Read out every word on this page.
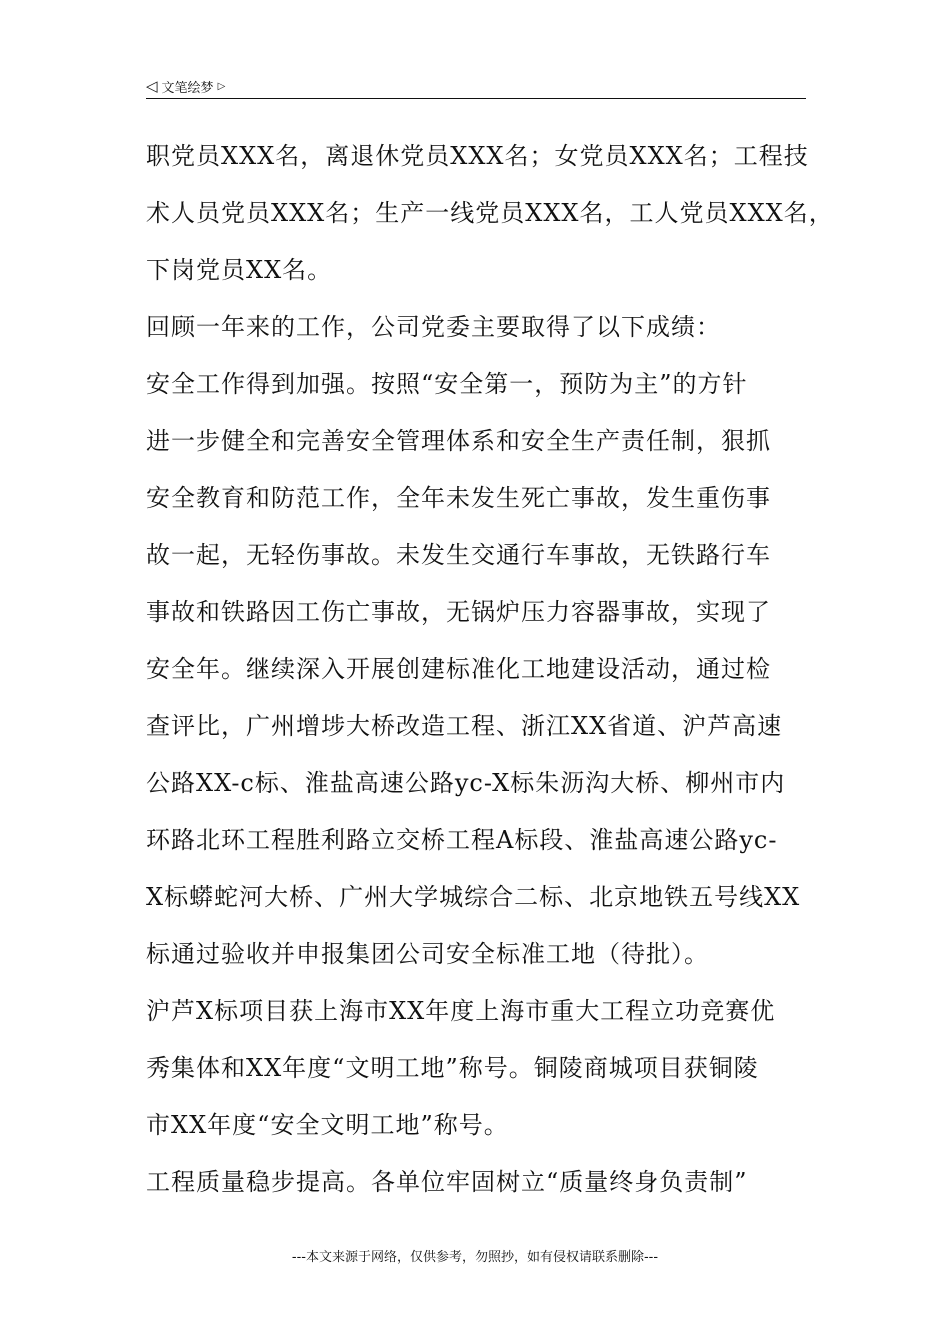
◁ 文笔绘梦 ▷
职党员XXX名，离退休党员XXX名；女党员XXX名；工程技
术人员党员XXX名；生产一线党员XXX名，工人党员XXX名，
下岗党员XX名。
回顾一年来的工作，公司党委主要取得了以下成绩：
安全工作得到加强。按照“安全第一，预防为主”的方针
进一步健全和完善安全管理体系和安全生产责任制，狠抓
安全教育和防范工作，全年未发生死亡事故，发生重伤事
故一起，无轻伤事故。未发生交通行车事故，无铁路行车
事故和铁路因工伤亡事故，无锅炉压力容器事故，实现了
安全年。继续深入开展创建标准化工地建设活动，通过检
查评比，广州增埗大桥改造工程、浙江XX省道、沪芦高速
公路XX-c标、淮盐高速公路yc-X标朱沥沟大桥、柳州市内
环路北环工程胜利路立交桥工程A标段、淮盐高速公路yc-
X标蟒蛇河大桥、广州大学城综合二标、北京地铁五号线XX
标通过验收并申报集团公司安全标准工地（待批）。
沪芦X标项目获上海市XX年度上海市重大工程立功竞赛优
秀集体和XX年度“文明工地”称号。铜陵商城项目获铜陵
市XX年度“安全文明工地”称号。
工程质量稳步提高。各单位牢固树立“质量终身负责制”
---本文来源于网络，仅供参考，勿照抄，如有侵权请联系删除---
